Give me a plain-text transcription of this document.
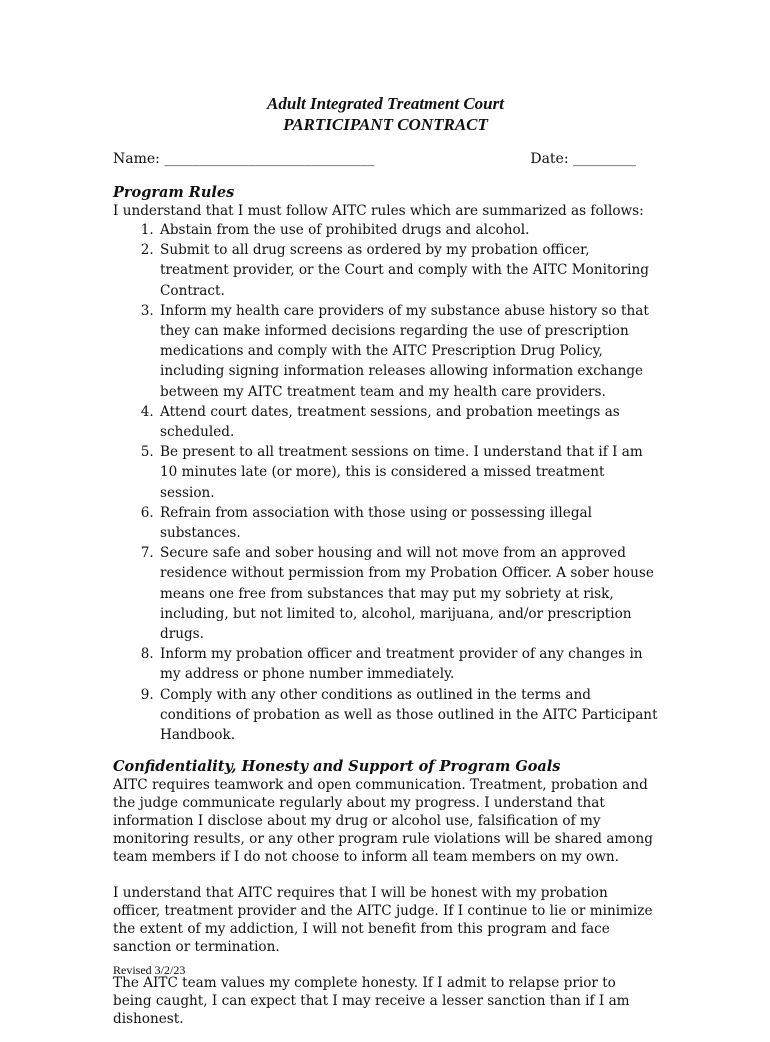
Adult Integrated Treatment Court
PARTICIPANT CONTRACT
Name: ______________________________	Date: _________
Program Rules
I understand that I must follow AITC rules which are summarized as follows:
1. Abstain from the use of prohibited drugs and alcohol.
2. Submit to all drug screens as ordered by my probation officer, treatment provider, or the Court and comply with the AITC Monitoring Contract.
3. Inform my health care providers of my substance abuse history so that they can make informed decisions regarding the use of prescription medications and comply with the AITC Prescription Drug Policy, including signing information releases allowing information exchange between my AITC treatment team and my health care providers.
4. Attend court dates, treatment sessions, and probation meetings as scheduled.
5. Be present to all treatment sessions on time. I understand that if I am 10 minutes late (or more), this is considered a missed treatment session.
6. Refrain from association with those using or possessing illegal substances.
7. Secure safe and sober housing and will not move from an approved residence without permission from my Probation Officer. A sober house means one free from substances that may put my sobriety at risk, including, but not limited to, alcohol, marijuana, and/or prescription drugs.
8. Inform my probation officer and treatment provider of any changes in my address or phone number immediately.
9. Comply with any other conditions as outlined in the terms and conditions of probation as well as those outlined in the AITC Participant Handbook.
Confidentiality, Honesty and Support of Program Goals

AITC requires teamwork and open communication. Treatment, probation and the judge communicate regularly about my progress. I understand that information I disclose about my drug or alcohol use, falsification of my monitoring results, or any other program rule violations will be shared among team members if I do not choose to inform all team members on my own.

I understand that AITC requires that I will be honest with my probation officer, treatment provider and the AITC judge. If I continue to lie or minimize the extent of my addiction, I will not benefit from this program and face sanction or termination.

The AITC team values my complete honesty. If I admit to relapse prior to being caught, I can expect that I may receive a lesser sanction than if I am dishonest.

Revised 3/2/23
